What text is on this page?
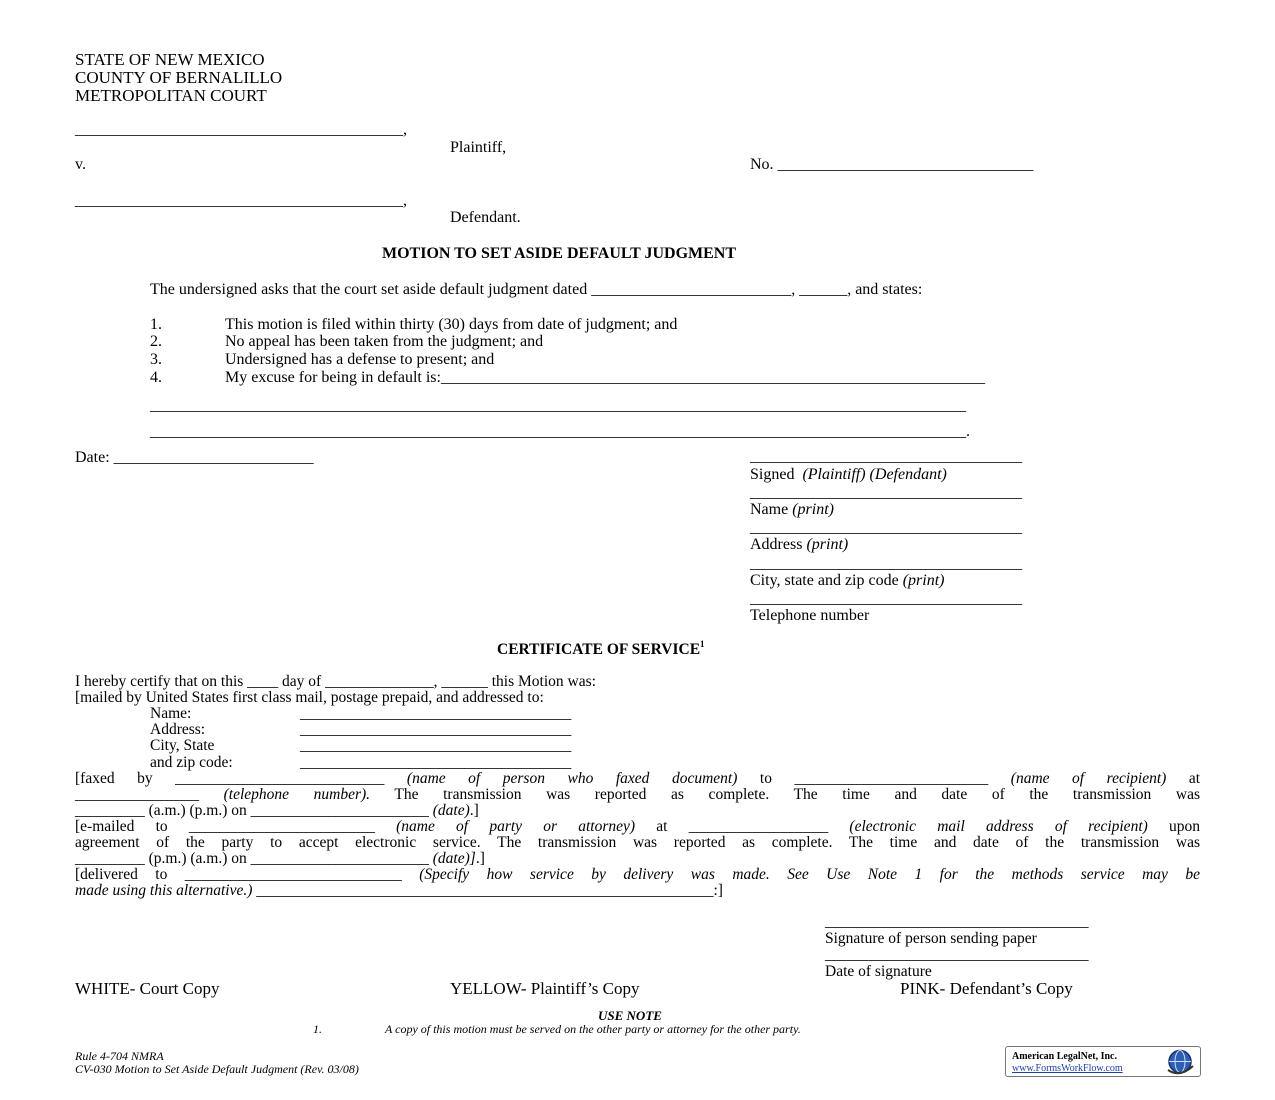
STATE OF NEW MEXICO
COUNTY OF BERNALILLO
METROPOLITAN COURT
_________________________________________,
Plaintiff,
v.	No. ________________________________
_________________________________________,
Defendant.
MOTION TO SET ASIDE DEFAULT JUDGMENT
The undersigned asks that the court set aside default judgment dated _________________________, ______, and states:
1.	This motion is filed within thirty (30) days from date of judgment; and
2.	No appeal has been taken from the judgment; and
3.	Undersigned has a defense to present; and
4.	My excuse for being in default is:____________________________________________________________________
______________________________________________________________________________________________________
______________________________________________________________________________________________________.
Date: _________________________	__________________________________
Signed (Plaintiff) (Defendant)
__________________________________
Name (print)
__________________________________
Address (print)
__________________________________
City, state and zip code (print)
__________________________________
Telephone number
CERTIFICATE OF SERVICE$^1$
I hereby certify that on this ____ day of ______________, ______ this Motion was:
[mailed by United States first class mail, postage prepaid, and addressed to:
Name:	___________________________________
Address:	___________________________________
City, State	___________________________________
and zip code:	___________________________________
[faxed by ___________________________ (name of person who faxed document) to _________________________ (name of recipient) at
________________ (telephone number). The transmission was reported as complete. The time and date of the transmission was
_________ (a.m.) (p.m.) on _______________________ (date).]
[e-mailed to ________________________ (name of party or attorney) at __________________ (electronic mail address of recipient) upon
agreement of the party to accept electronic service. The transmission was reported as complete. The time and date of the transmission was
_________ (p.m.) (a.m.) on _______________________ (date)].]
[delivered to ____________________________ (Specify how service by delivery was made. See Use Note 1 for the methods service may be
made using this alternative.) ___________________________________________________________:]
__________________________________
Signature of person sending paper
__________________________________
Date of signature
WHITE- Court Copy	YELLOW- Plaintiff’s Copy	PINK- Defendant’s Copy
USE NOTE
1.	A copy of this motion must be served on the other party or attorney for the other party.
Rule 4-704 NMRA
CV-030 Motion to Set Aside Default Judgment (Rev. 03/08)
American LegalNet, Inc.
www.FormsWorkFlow.com
